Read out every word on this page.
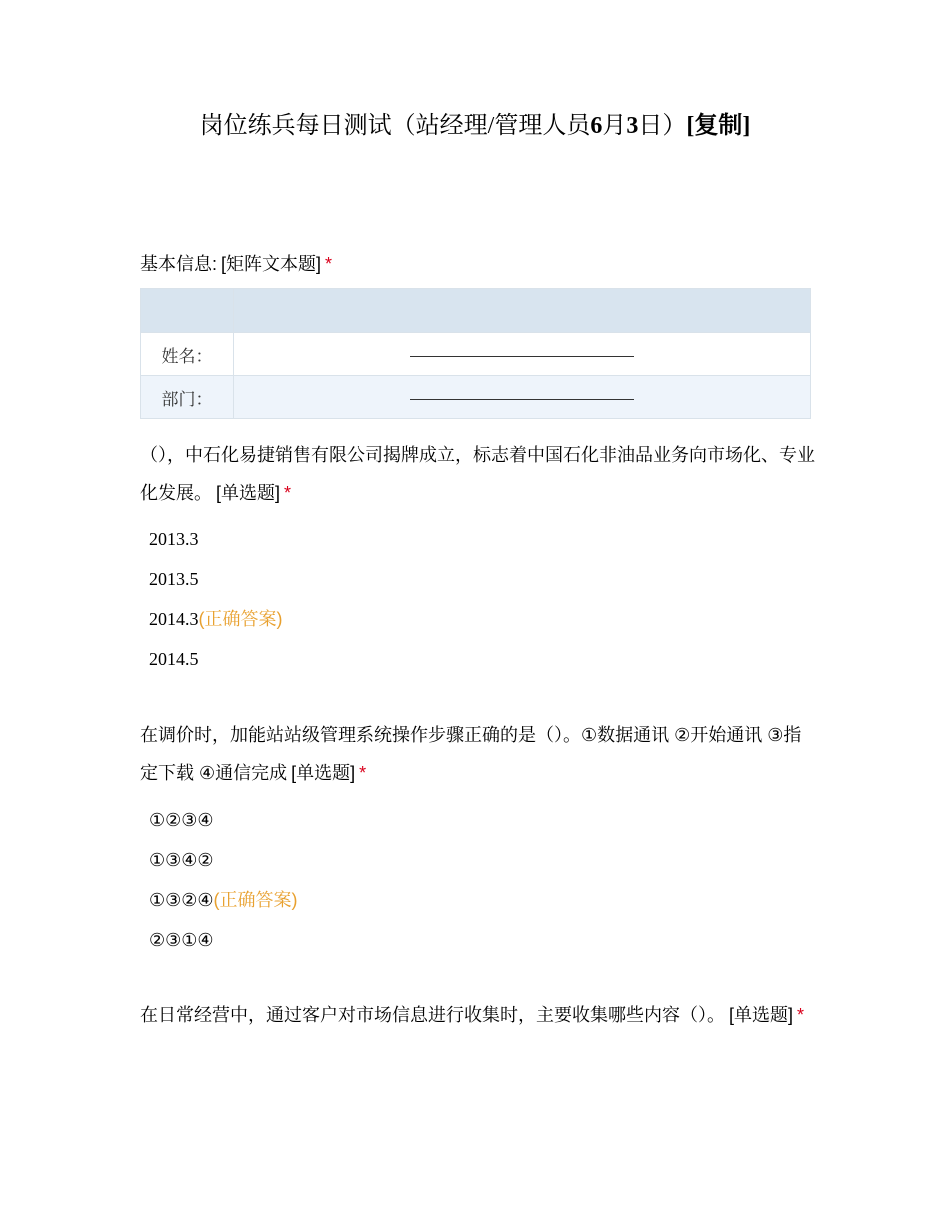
岗位练兵每日测试（站经理/管理人员6月3日）[复制]
基本信息: [矩阵文本题] *

姓名：	
部门：	
（），中石化易捷销售有限公司揭牌成立，标志着中国石化非油品业务向市场化、专业化发展。 [单选题] *
2013.3
2013.5
2014.3(正确答案)
2014.5
在调价时，加能站站级管理系统操作步骤正确的是（）。①数据通讯 ②开始通讯 ③指定下载 ④通信完成 [单选题] *
①②③④
①③④②
①③②④(正确答案)
②③①④
在日常经营中，通过客户对市场信息进行收集时，主要收集哪些内容（）。 [单选题] *
